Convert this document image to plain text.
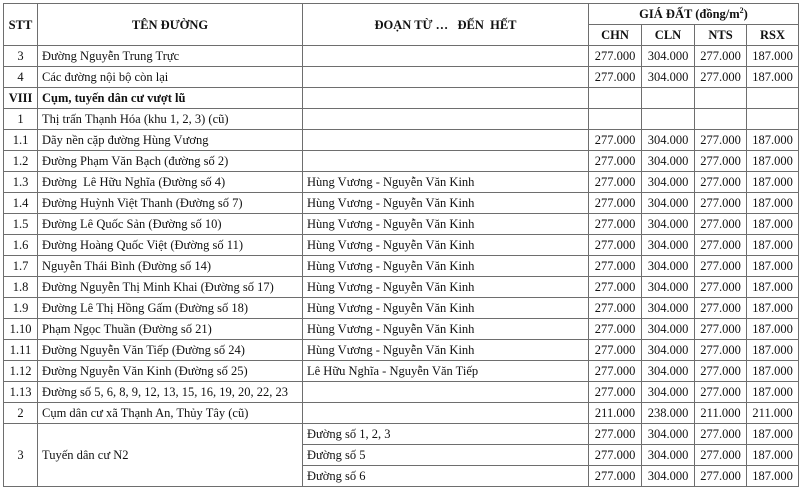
STT	TÊN ĐƯỜNG	ĐOẠN TỪ …   ĐẾN  HẾT	GIÁ ĐẤT $(đồng/m^2)$			
			CHN	CLN	NTS	RSX
3	Đường Nguyễn Trung Trực		277.000	304.000	277.000	187.000
4	Các đường nội bộ còn lại		277.000	304.000	277.000	187.000
VIII	Cụm, tuyến dân cư vượt lũ					
1	Thị trấn Thạnh Hóa (khu 1, 2, 3) (cũ)					
1.1	Dãy nền cặp đường Hùng Vương		277.000	304.000	277.000	187.000
1.2	Đường Phạm Văn Bạch (đường số 2)		277.000	304.000	277.000	187.000
1.3	Đường  Lê Hữu Nghĩa (Đường số 4)	Hùng Vương - Nguyễn Văn Kinh	277.000	304.000	277.000	187.000
1.4	Đường Huỳnh Việt Thanh (Đường số 7)	Hùng Vương - Nguyễn Văn Kinh	277.000	304.000	277.000	187.000
1.5	Đường Lê Quốc Sản (Đường số 10)	Hùng Vương - Nguyễn Văn Kinh	277.000	304.000	277.000	187.000
1.6	Đường Hoàng Quốc Việt (Đường số 11)	Hùng Vương - Nguyễn Văn Kinh	277.000	304.000	277.000	187.000
1.7	Nguyễn Thái Bình (Đường số 14)	Hùng Vương - Nguyễn Văn Kinh	277.000	304.000	277.000	187.000
1.8	Đường Nguyễn Thị Minh Khai (Đường số 17)	Hùng Vương - Nguyễn Văn Kinh	277.000	304.000	277.000	187.000
1.9	Đường Lê Thị Hồng Gấm (Đường số 18)	Hùng Vương - Nguyễn Văn Kinh	277.000	304.000	277.000	187.000
1.10	Phạm Ngọc Thuần (Đường số 21)	Hùng Vương - Nguyễn Văn Kinh	277.000	304.000	277.000	187.000
1.11	Đường Nguyễn Văn Tiếp (Đường số 24)	Hùng Vương - Nguyễn Văn Kinh	277.000	304.000	277.000	187.000
1.12	Đường Nguyễn Văn Kinh (Đường số 25)	Lê Hữu Nghĩa - Nguyễn Văn Tiếp	277.000	304.000	277.000	187.000
1.13	Đường số 5, 6, 8, 9, 12, 13, 15, 16, 19, 20, 22, 23		277.000	304.000	277.000	187.000
2	Cụm dân cư xã Thạnh An, Thủy Tây (cũ)		211.000	238.000	211.000	211.000
3	Tuyến dân cư N2	Đường số 1, 2, 3	277.000	304.000	277.000	187.000
		Đường số 5	277.000	304.000	277.000	187.000
		Đường số 6	277.000	304.000	277.000	187.000
